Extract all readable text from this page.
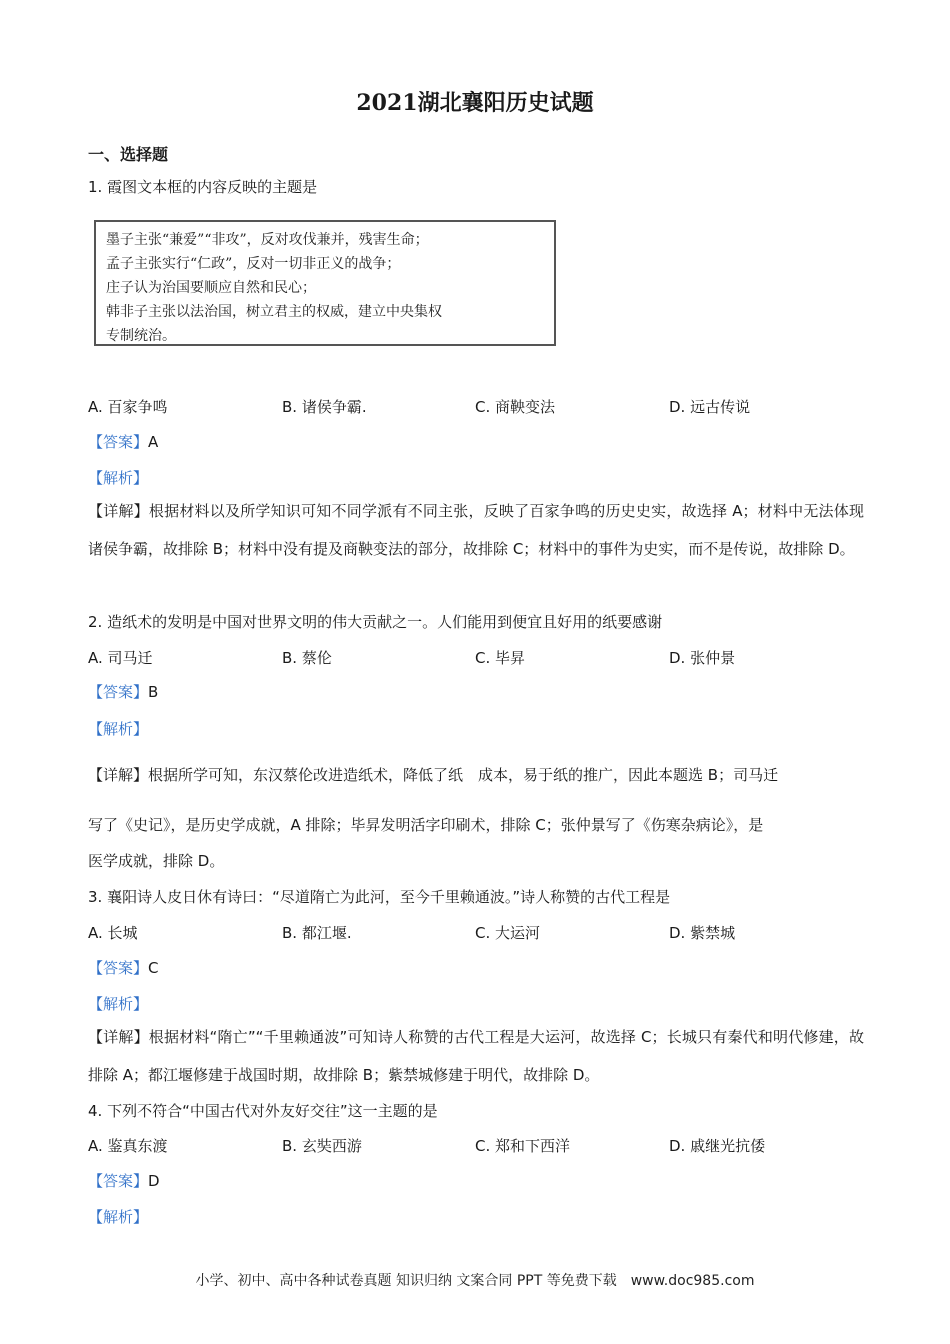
2021湖北襄阳历史试题
一、选择题
1. 霞图文本框的内容反映的主题是
墨子主张“兼爱”“非攻”，反对攻伐兼并，残害生命；
孟子主张实行“仁政”，反对一切非正义的战争；
庄子认为治国要顺应自然和民心；
韩非子主张以法治国，树立君主的权威，建立中央集权
专制统治。
A. 百家争鸣	B. 诸侯争霸.	C. 商鞅变法	D. 远古传说
【答案】A
【解析】
【详解】根据材料以及所学知识可知不同学派有不同主张，反映了百家争鸣的历史史实，故选择 A；材料中无法体现诸侯争霸，故排除 B；材料中没有提及商鞅变法的部分，故排除 C；材料中的事件为史实，而不是传说，故排除 D。
2. 造纸术的发明是中国对世界文明的伟大贡献之一。人们能用到便宜且好用的纸要感谢
A. 司马迁	B. 蔡伦	C. 毕昇	D. 张仲景
【答案】B
【解析】
【详解】根据所学可知，东汉蔡伦改进造纸术，降低了纸　成本，易于纸的推广，因此本题选 B；司马迁
写了《史记》，是历史学成就，A 排除；毕昇发明活字印刷术，排除 C；张仲景写了《伤寒杂病论》，是
医学成就，排除 D。
3. 襄阳诗人皮日休有诗曰：“尽道隋亡为此河，至今千里赖通波。”诗人称赞的古代工程是
A. 长城	B. 都江堰.	C. 大运河	D. 紫禁城
【答案】C
【解析】
【详解】根据材料“隋亡”“千里赖通波”可知诗人称赞的古代工程是大运河，故选择 C；长城只有秦代和明代修建，故排除 A；都江堰修建于战国时期，故排除 B；紫禁城修建于明代，故排除 D。
4. 下列不符合“中国古代对外友好交往”这一主题的是
A. 鉴真东渡	B. 玄奘西游	C. 郑和下西洋	D. 戚继光抗倭
【答案】D
【解析】
小学、初中、高中各种试卷真题 知识归纳 文案合同 PPT 等免费下载　www.doc985.com
